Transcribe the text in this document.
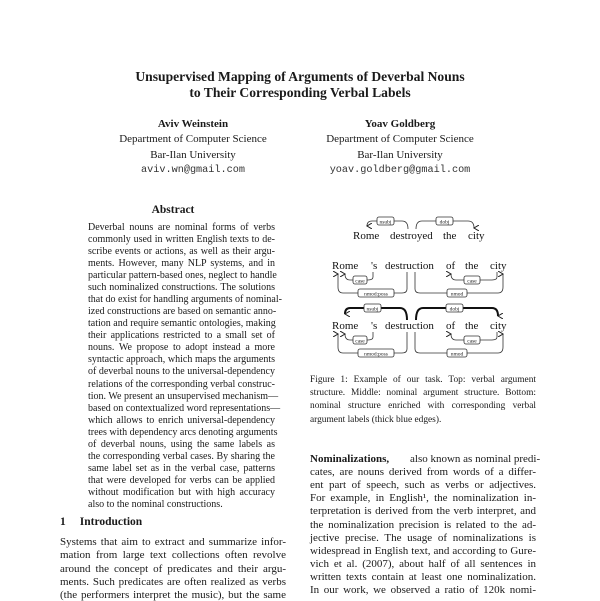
Unsupervised Mapping of Arguments of Deverbal Nouns
to Their Corresponding Verbal Labels
Aviv Weinstein
Department of Computer Science
Bar-Ilan University
aviv.wn@gmail.com
Yoav Goldberg
Department of Computer Science
Bar-Ilan University
yoav.goldberg@gmail.com
Abstract
Deverbal nouns are nominal forms of verbs
commonly used in written English texts to de-
scribe events or actions, as well as their argu-
ments. However, many NLP systems, and in
particular pattern-based ones, neglect to handle
such nominalized constructions. The solutions
that do exist for handling arguments of nominal-
ized constructions are based on semantic anno-
tation and require semantic ontologies, making
their applications restricted to a small set of
nouns. We propose to adopt instead a more
syntactic approach, which maps the arguments
of deverbal nouns to the universal-dependency
relations of the corresponding verbal construc-
tion. We present an unsupervised mechanism—
based on contextualized word representations—
which allows to enrich universal-dependency
trees with dependency arcs denoting arguments
of deverbal nouns, using the same labels as
the corresponding verbal cases. By sharing the
same label set as in the verbal case, patterns
that were developed for verbs can be applied
without modification but with high accuracy
also to the nominal constructions.
1 Introduction
Systems that aim to extract and summarize infor-
mation from large text collections often revolve
around the concept of predicates and their argu-
ments. Such predicates are often realized as verbs
(the performers interpret the music), but the same
Rome destroyed the city
nsubj	dobj
Rome 's destruction of the city
case
nmod:poss
case
nmod
Rome 's destruction of the city
case
nmod:poss
case
nmod
nsubj	dobj
Figure 1: Example of our task. Top: verbal argument
structure. Middle: nominal argument structure. Bottom:
nominal structure enriched with corresponding verbal
argument labels (thick blue edges).
Nominalizations, also known as nominal predi-
cates, are nouns derived from words of a differ-
ent part of speech, such as verbs or adjectives.
For example, in English¹, the nominalization in-
terpretation is derived from the verb interpret, and
the nominalization precision is related to the ad-
jective precise. The usage of nominalizations is
widespread in English text, and according to Gure-
vich et al. (2007), about half of all sentences in
written texts contain at least one nominalization.
In our work, we observed a ratio of 120k nomi-
